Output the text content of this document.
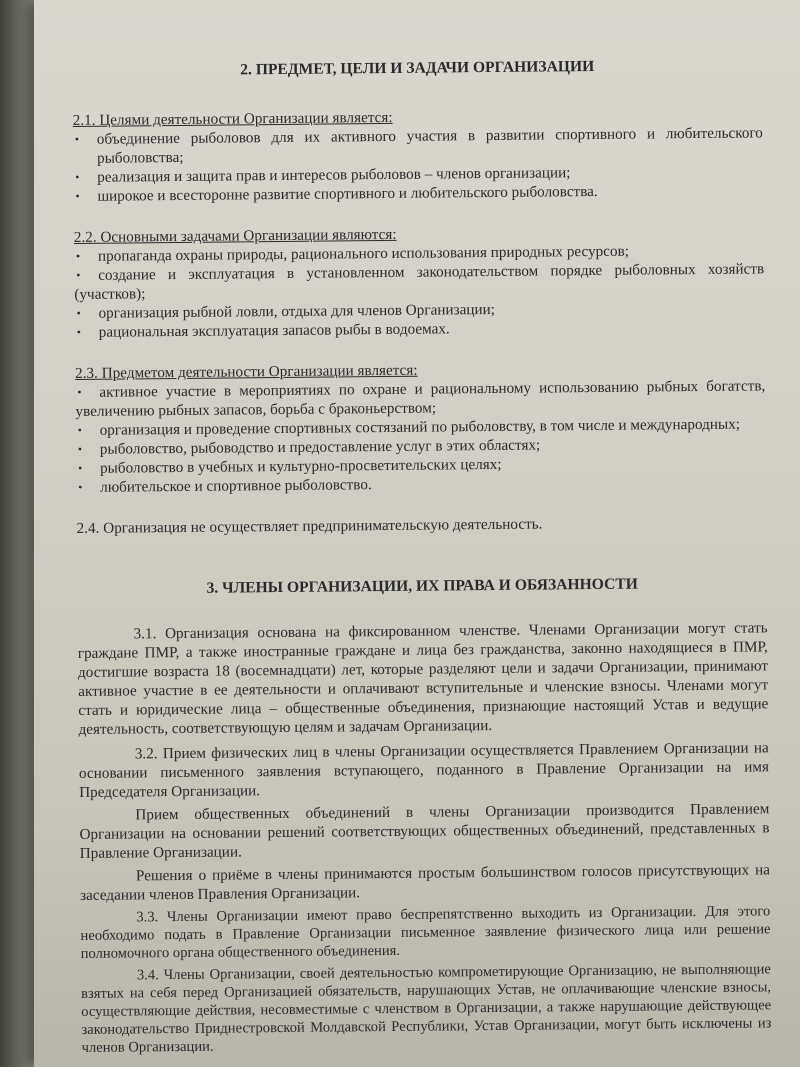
2. ПРЕДМЕТ, ЦЕЛИ И ЗАДАЧИ ОРГАНИЗАЦИИ
2.1. Целями деятельности Организации является:
• объединение рыболовов для их активного участия в развитии спортивного и любительского рыболовства;
• реализация и защита прав и интересов рыболовов – членов организации;
• широкое и всесторонне развитие спортивного и любительского рыболовства.
2.2. Основными задачами Организации являются:
• пропаганда охраны природы, рационального использования природных ресурсов;
• создание и эксплуатация в установленном законодательством порядке рыболовных хозяйств (участков);
• организация рыбной ловли, отдыха для членов Организации;
• рациональная эксплуатация запасов рыбы в водоемах.
2.3. Предметом деятельности Организации является:
• активное участие в мероприятиях по охране и рациональному использованию рыбных богатств, увеличению рыбных запасов, борьба с браконьерством;
• организация и проведение спортивных состязаний по рыболовству, в том числе и международных;
• рыболовство, рыбоводство и предоставление услуг в этих областях;
• рыболовство в учебных и культурно-просветительских целях;
• любительское и спортивное рыболовство.
2.4. Организация не осуществляет предпринимательскую деятельность.
3. ЧЛЕНЫ ОРГАНИЗАЦИИ, ИХ ПРАВА И ОБЯЗАННОСТИ

3.1. Организация основана на фиксированном членстве. Членами Организации могут стать граждане ПМР, а также иностранные граждане и лица без гражданства, законно находящиеся в ПМР, достигшие возраста 18 (восемнадцати) лет, которые разделяют цели и задачи Организации, принимают активное участие в ее деятельности и оплачивают вступительные и членские взносы. Членами могут стать и юридические лица – общественные объединения, признающие настоящий Устав и ведущие деятельность, соответствующую целям и задачам Организации.

3.2. Прием физических лиц в члены Организации осуществляется Правлением Организации на основании письменного заявления вступающего, поданного в Правление Организации на имя Председателя Организации.

Прием общественных объединений в члены Организации производится Правлением Организации на основании решений соответствующих общественных объединений, представленных в Правление Организации.

Решения о приёме в члены принимаются простым большинством голосов присутствующих на заседании членов Правления Организации.

3.3. Члены Организации имеют право беспрепятственно выходить из Организации. Для этого необходимо подать в Правление Организации письменное заявление физического лица или решение полномочного органа общественного объединения.

3.4. Члены Организации, своей деятельностью компрометирующие Организацию, не выполняющие взятых на себя перед Организацией обязательств, нарушающих Устав, не оплачивающие членские взносы, осуществляющие действия, несовместимые с членством в Организации, а также нарушающие действующее законодательство Приднестровской Молдавской Республики, Устав Организации, могут быть исключены из членов Организации.
